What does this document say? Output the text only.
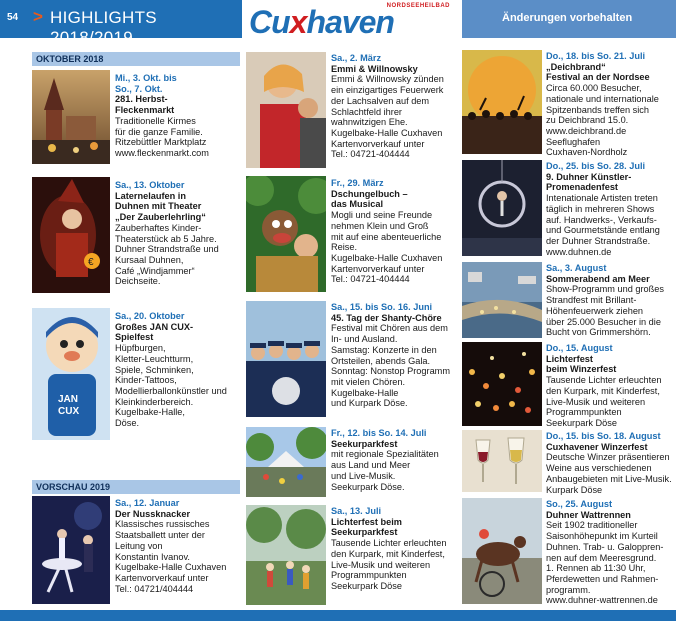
54 > HIGHLIGHTS 2018/2019
NORDSEEHEILBAD
Cuxhaven	Änderungen vorbehalten
OKTOBER 2018
VORSCHAU 2019
Mi., 3. Okt. bis
So., 7. Okt.
281. Herbst-
Fleckenmarkt
Traditionelle Kirmes
für die ganze Familie.
Ritzebüttler Marktplatz
www.fleckenmarkt.com
€
Sa., 13. Oktober
Laternelaufen in
Duhnen mit Theater
„Der Zauberlehrling“
Zauberhaftes Kinder-
Theaterstück ab 5 Jahre.
Duhner Strandstraße und
Kursaal Duhnen,
Café „Windjammer“
Deichseite.
JAN
CUX
Sa., 20. Oktober
Großes JAN CUX-
Spielfest
Hüpfburgen,
Kletter-Leuchtturm,
Spiele, Schminken,
Kinder-Tattoos,
Modellierballonkünstler und
Kleinkinderbereich.
Kugelbake-Halle,
Döse.
Sa., 12. Januar
Der Nussknacker
Klassisches russisches
Staatsballett unter der
Leitung von
Konstantin Ivanov.
Kugelbake-Halle Cuxhaven
Kartenvorverkauf unter
Tel.: 04721/404444
Sa., 2. März
Emmi & Willnowsky
Emmi & Willnowsky zünden
ein einzigartiges Feuerwerk
der Lachsalven auf dem
Schlachtfeld ihrer
wahnwitzigen Ehe.
Kugelbake-Halle Cuxhaven
Kartenvorverkauf unter
Tel.: 04721-404444
Fr., 29. März
Dschungelbuch –
das Musical
Mogli und seine Freunde
nehmen Klein und Groß
mit auf eine abenteuerliche
Reise.
Kugelbake-Halle Cuxhaven
Kartenvorverkauf unter
Tel.: 04721-404444
Sa., 15. bis So. 16. Juni
45. Tag der Shanty-Chöre
Festival mit Chören aus dem
In- und Ausland.
Samstag: Konzerte in den
Ortsteilen, abends Gala.
Sonntag: Nonstop Programm
mit vielen Chören.
Kugelbake-Halle
und Kurpark Döse.
Fr., 12. bis So. 14. Juli
Seekurparkfest
mit regionale Spezialitäten
aus Land und Meer
und Live-Musik.
Seekurpark Döse.
Sa., 13. Juli
Lichterfest beim
Seekurparkfest
Tausende Lichter erleuchten
den Kurpark, mit Kinderfest,
Live-Musik und weiteren
Programmpunkten
Seekurpark Döse
Do., 18. bis So. 21. Juli
„Deichbrand“
Festival an der Nordsee
Circa 60.000 Besucher,
nationale und internationale
Spitzenbands treffen sich
zu Deichbrand 15.0.
www.deichbrand.de
Seeflughafen
Cuxhaven-Nordholz
Do., 25. bis So. 28. Juli
9. Duhner Künstler-
Promenadenfest
Intenationale Artisten treten
täglich in mehreren Shows
auf. Handwerks-, Verkaufs-
und Gourmetstände entlang
der Duhner Strandstraße.
www.duhnen.de
Sa., 3. August
Sommerabend am Meer
Show-Programm und großes
Strandfest mit Brillant-
Höhenfeuerwerk ziehen
über 25.000 Besucher in die
Bucht von Grimmershörn.
Do., 15. August
Lichterfest
beim Winzerfest
Tausende Lichter erleuchten
den Kurpark, mit Kinderfest,
Live-Musik und weiteren
Programmpunkten
Seekurpark Döse
Do., 15. bis So. 18. August
Cuxhavener Winzerfest
Deutsche Winzer präsentieren
Weine aus verschiedenen
Anbaugebieten mit Live-Musik.
Kurpark Döse
So., 25. August
Duhner Wattrennen
Seit 1902 traditioneller
Saisonhöhepunkt im Kurteil
Duhnen. Trab- u. Galoppren-
nen auf dem Meeresgrund.
1. Rennen ab 11:30 Uhr,
Pferdewetten und Rahmen-
programm.
www.duhner-wattrennen.de
